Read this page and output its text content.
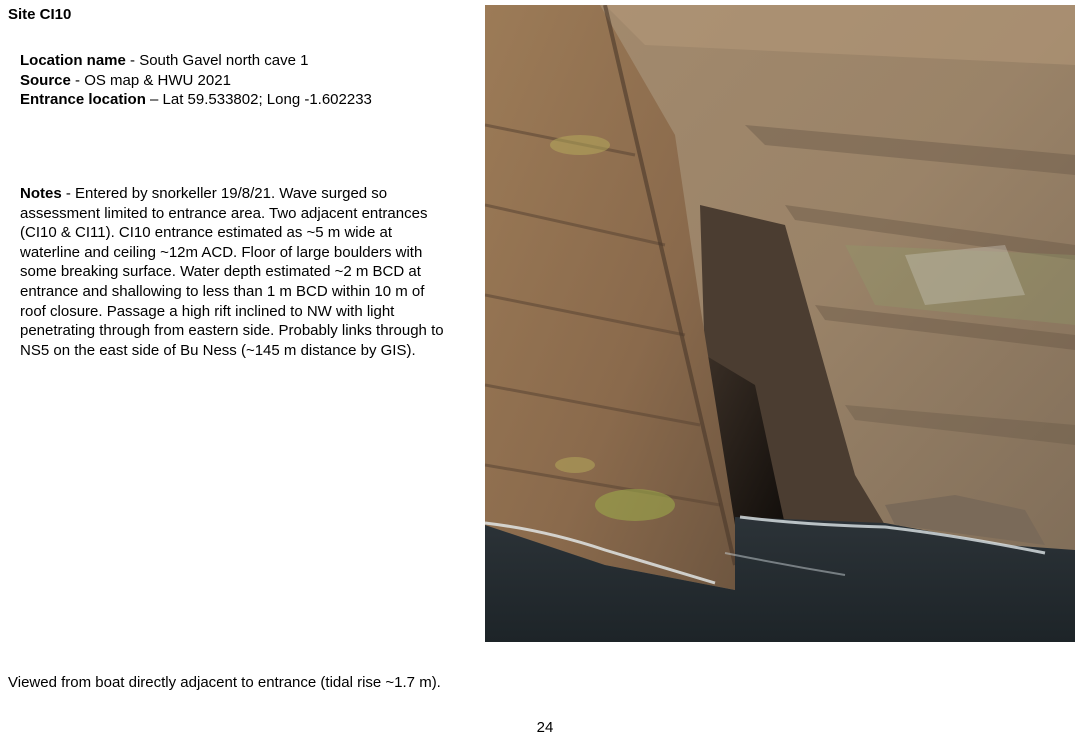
Site CI10
Location name - South Gavel north cave 1
Source - OS map & HWU 2021
Entrance location – Lat 59.533802; Long -1.602233
Notes - Entered by snorkeller 19/8/21. Wave surged so assessment limited to entrance area. Two adjacent entrances (CI10 & CI11). CI10 entrance estimated as ~5 m wide at waterline and ceiling ~12m ACD. Floor of large boulders with some breaking surface. Water depth estimated ~2 m BCD at entrance and shallowing to less than 1 m BCD within 10 m of roof closure. Passage a high rift inclined to NW with light penetrating through from eastern side. Probably links through to NS5 on the east side of Bu Ness (~145 m distance by GIS).
Viewed from boat directly adjacent to entrance (tidal rise ~1.7 m).
24
